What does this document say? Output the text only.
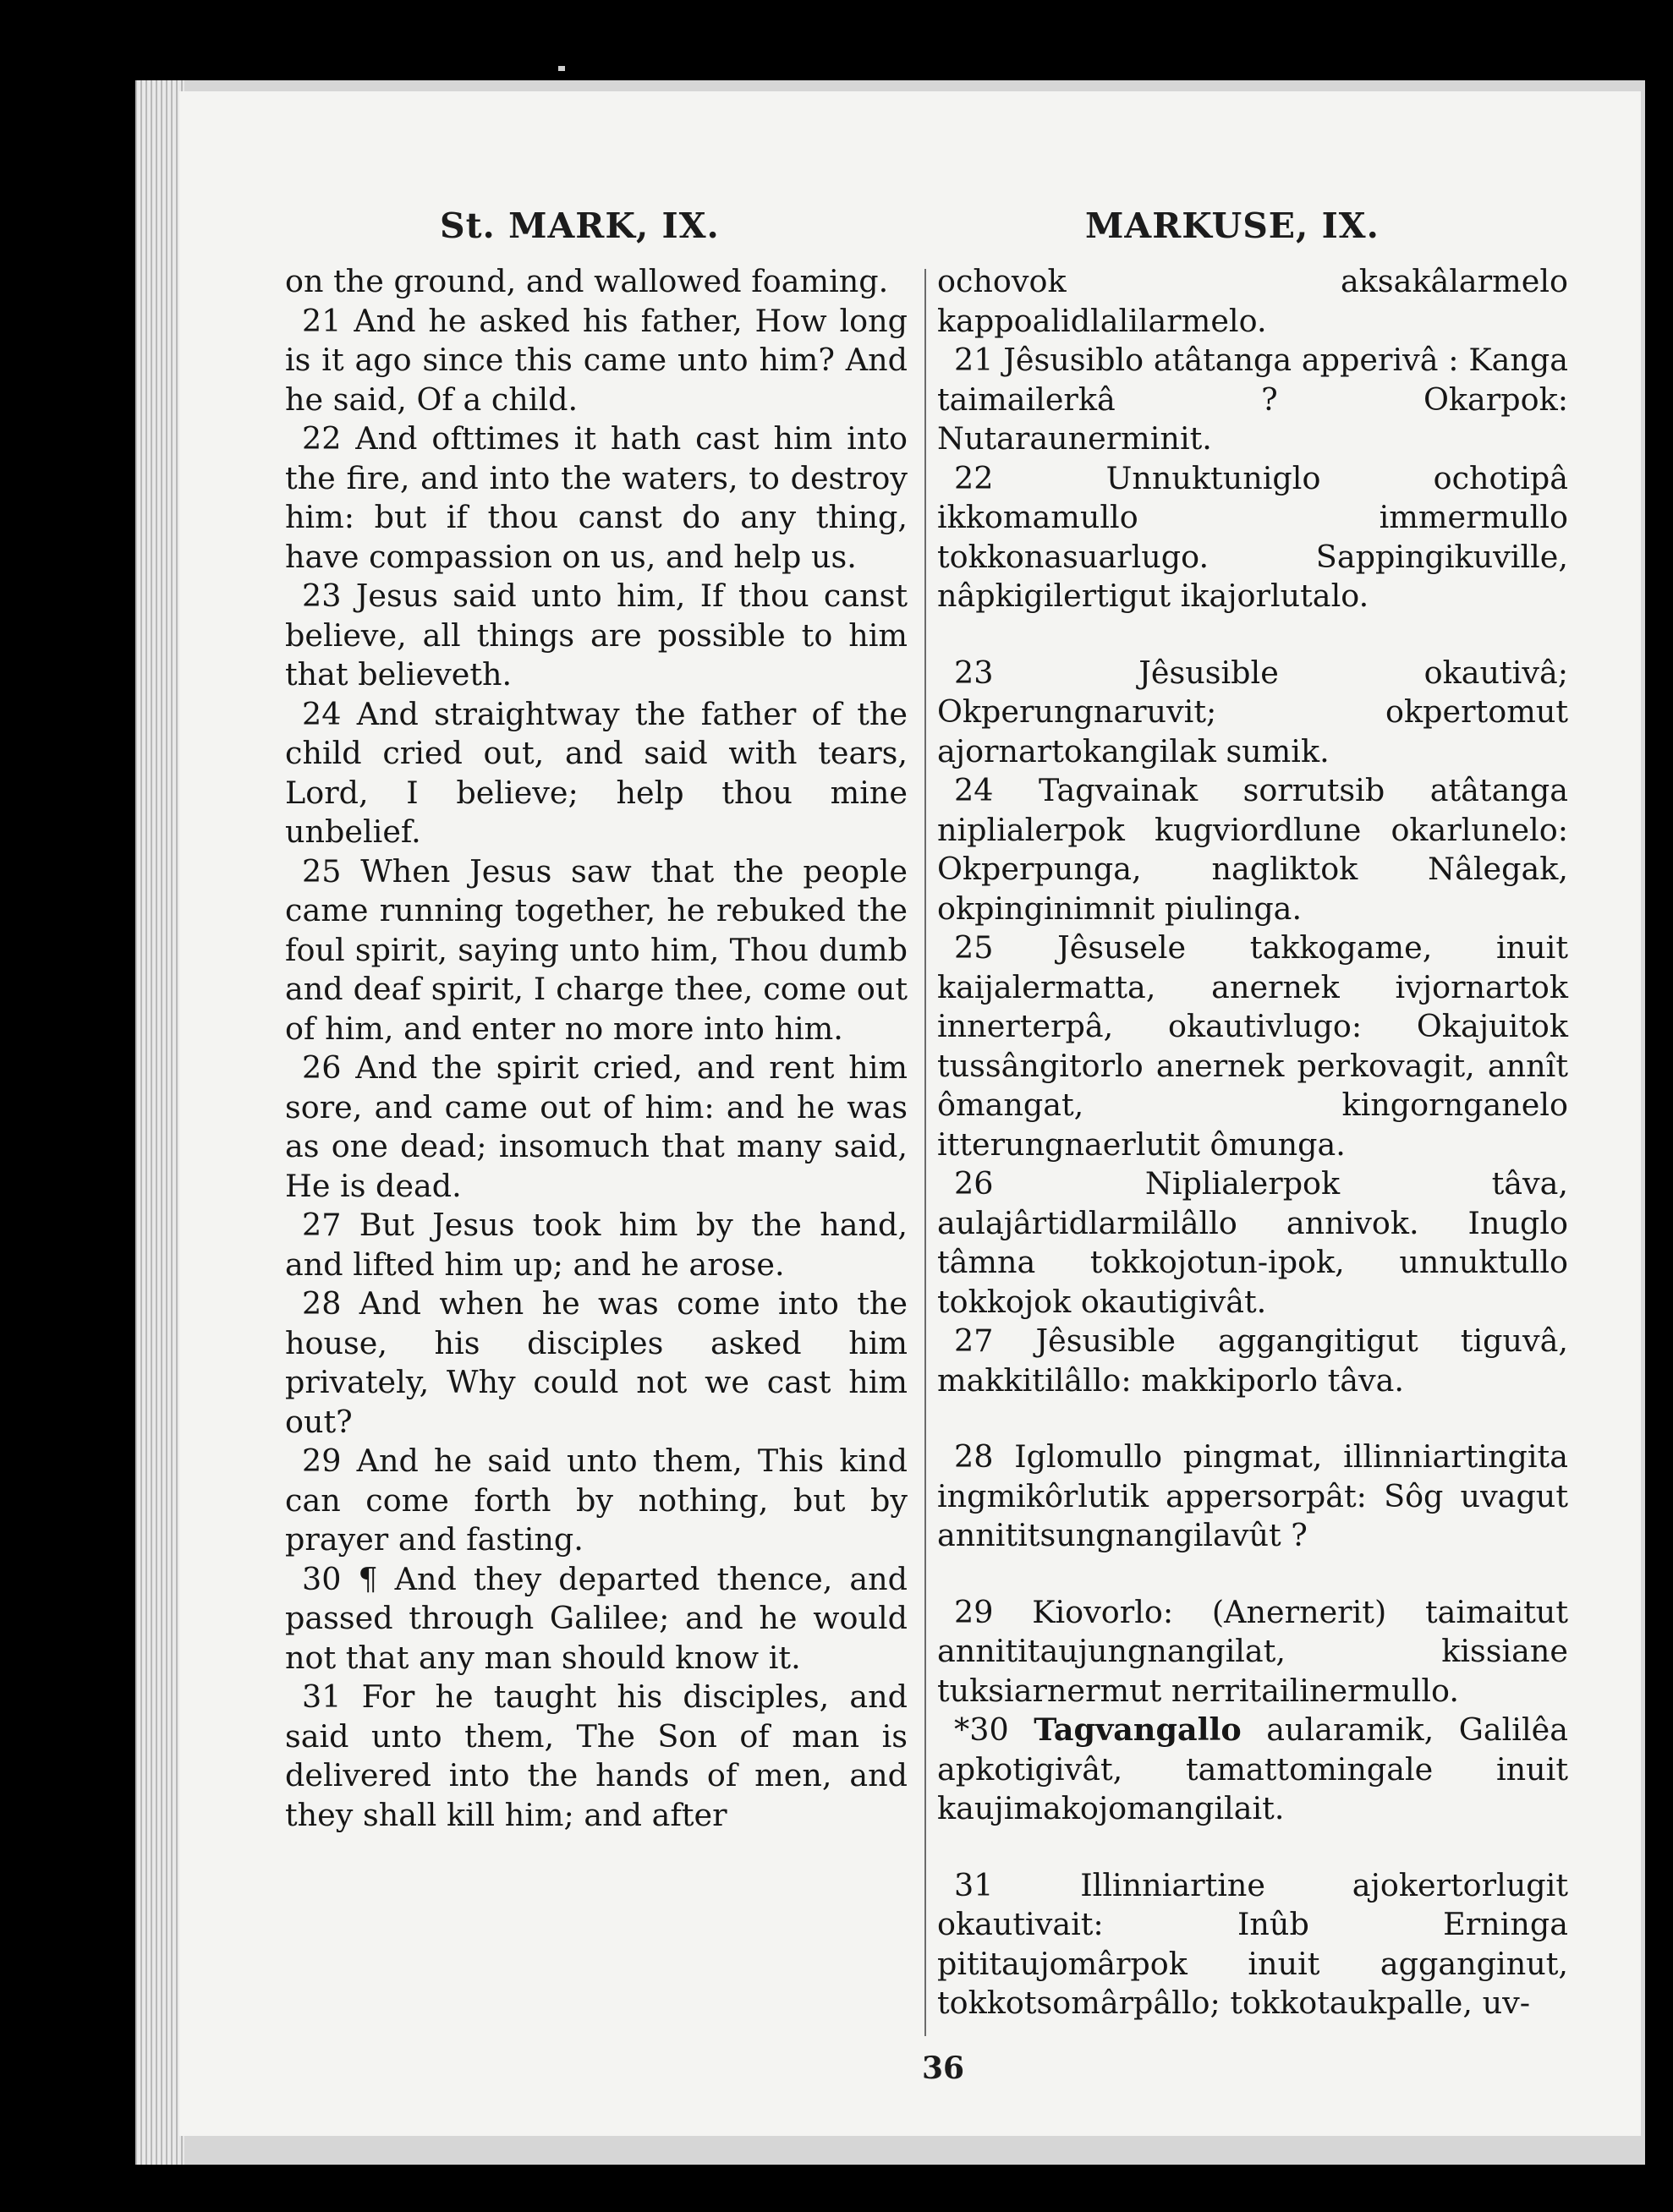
St. MARK, IX.	MARKUSE, IX.

on the ground, and wallowed foaming.

21 And he asked his father, How long is it ago since this came unto him? And he said, Of a child.

22 And ofttimes it hath cast him into the fire, and into the waters, to destroy him: but if thou canst do any thing, have compassion on us, and help us.

23 Jesus said unto him, If thou canst believe, all things are possible to him that believeth.

24 And straightway the father of the child cried out, and said with tears, Lord, I believe; help thou mine unbelief.

25 When Jesus saw that the people came running together, he rebuked the foul spirit, saying unto him, Thou dumb and deaf spirit, I charge thee, come out of him, and enter no more into him.

26 And the spirit cried, and rent him sore, and came out of him: and he was as one dead; insomuch that many said, He is dead.

27 But Jesus took him by the hand, and lifted him up; and he arose.

28 And when he was come into the house, his disciples asked him privately, Why could not we cast him out?

29 And he said unto them, This kind can come forth by nothing, but by prayer and fasting.

30 ¶ And they departed thence, and passed through Galilee; and he would not that any man should know it.

31 For he taught his disciples, and said unto them, The Son of man is delivered into the hands of men, and they shall kill him; and after

ochovok aksakâlarmelo kappoalidlalilarmelo.

21 Jêsusiblo atâtanga apperivâ : Kanga taimailerkâ ? Okarpok: Nutaraunerminit.

22	Unnuktuniglo ochotipâ ikkomamullo immermullo tokkonasuarlugo. Sappingikuville, nâpkigilertigut ikajorlutalo.

23	Jêsusible okautivâ; Okperungnaruvit; okpertomut ajornartokangilak sumik.

24 Tagvainak sorrutsib atâtanga niplialerpok kugviordlune okarlunelo: Okperpunga, nagliktok Nâlegak, okpinginimnit piulinga.

25 Jêsusele takkogame, inuit kaijalermatta, anernek ivjornartok innerterpâ, okautivlugo: Okajuitok tussângitorlo anernek perkovagit, annît ômangat, kingornganelo itterungnaerlutit ômunga.

26	Niplialerpok tâva, aulajârtidlarmilâllo annivok. Inuglo tâmna tokkojotun-ipok, unnuktullo tokkojok okautigivât.

27 Jêsusible aggangitigut tiguvâ, makkitilâllo: makkiporlo tâva.

28 Iglomullo pingmat, illinniartingita ingmikôrlutik appersorpât: Sôg uvagut annititsungnangilavût ?

29 Kiovorlo: (Anernerit) taimaitut annititaujungnangilat, kissiane tuksiarnermut nerritailinermullo.

*30 Tagvangallo aularamik, Galilêa apkotigivât, tamattomingale inuit kaujimakojomangilait.

31	Illinniartine ajokertorlugit okautivait: Inûb Erninga pititaujomârpok inuit agganginut, tokkotsomârpâllo; tokkotaukpalle, uv-

36
